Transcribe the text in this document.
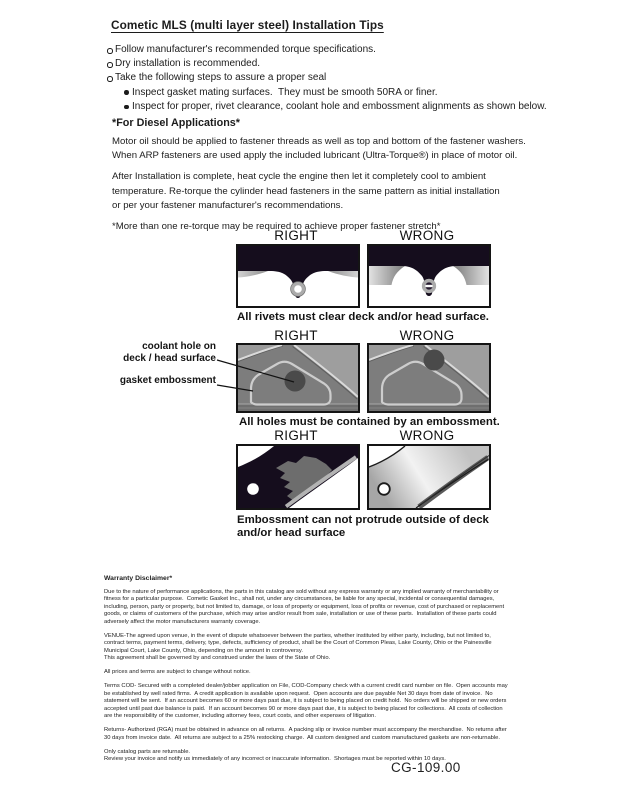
Cometic MLS (multi layer steel) Installation Tips
Follow manufacturer's recommended torque specifications.
Dry installation is recommended.
Take the following steps to assure a proper seal
Inspect gasket mating surfaces.  They must be smooth 50RA or finer.
Inspect for proper, rivet clearance, coolant hole and embossment alignments as shown below.
*For Diesel Applications*
Motor oil should be applied to fastener threads as well as top and bottom of the fastener washers.
When ARP fasteners are used apply the included lubricant (Ultra-Torque®) in place of motor oil.
After Installation is complete, heat cycle the engine then let it completely cool to ambient
temperature. Re-torque the cylinder head fasteners in the same pattern as initial installation
or per your fastener manufacturer's recommendations.
*More than one re-torque may be required to achieve proper fastener stretch*
RIGHT	WRONG
All rivets must clear deck and/or head surface.
RIGHT	WRONG
coolant hole on
deck / head surface
gasket embossment
All holes must be contained by an embossment.
RIGHT	WRONG
Embossment can not protrude outside of deck
and/or head surface
Warranty Disclaimer*
Due to the nature of performance applications, the parts in this catalog are sold without any express warranty or any implied warranty of merchantability or
fitness for a particular purpose.  Cometic Gasket Inc., shall not, under any circumstances, be liable for any special, incidental or consequential damages,
including, person, party or property, but not limited to, damage, or loss of property or equipment, loss of profits or revenue, cost of purchased or replacement
goods, or claims of customers of the purchase, which may arise and/or result from sale, installation or use of these parts.  Installation of these parts could
adversely affect the motor manufacturers warranty coverage.
VENUE-The agreed upon venue, in the event of dispute whatsoever between the parties, whether instituted by either party, including, but not limited to,
contract terms, payment terms, delivery, type, defects, sufficiency of product, shall be the Court of Common Pleas, Lake County, Ohio or the Painesville
Municipal Court, Lake County, Ohio, depending on the amount in controversy.
This agreement shall be governed by and construed under the laws of the State of Ohio.
All prices and terms are subject to change without notice.
Terms COD- Secured with a completed dealer/jobber application on File, COD-Company check with a current credit card number on file.  Open accounts may
be established by well rated firms.  A credit application is available upon request.  Open accounts are due payable Net 30 days from date of invoice.  No
statement will be sent.  If an account becomes 60 or more days past due, it is subject to being placed on credit hold.  No orders will be shipped or new orders
accepted until past due balance is paid.  If an account becomes 90 or more days past due, it is subject to being placed for collections.  All costs of collection
are the responsibility of the customer, including attorney fees, court costs, and other expenses of litigation.
Returns- Authorized (RGA) must be obtained in advance on all returns.  A packing slip or invoice number must accompany the merchandise.  No returns after
30 days from invoice date.  All returns are subject to a 25% restocking charge.  All custom designed and custom manufactured gaskets are non-returnable.
Only catalog parts are returnable.
Review your invoice and notify us immediately of any incorrect or inaccurate information.  Shortages must be reported within 10 days.
CG-109.00
